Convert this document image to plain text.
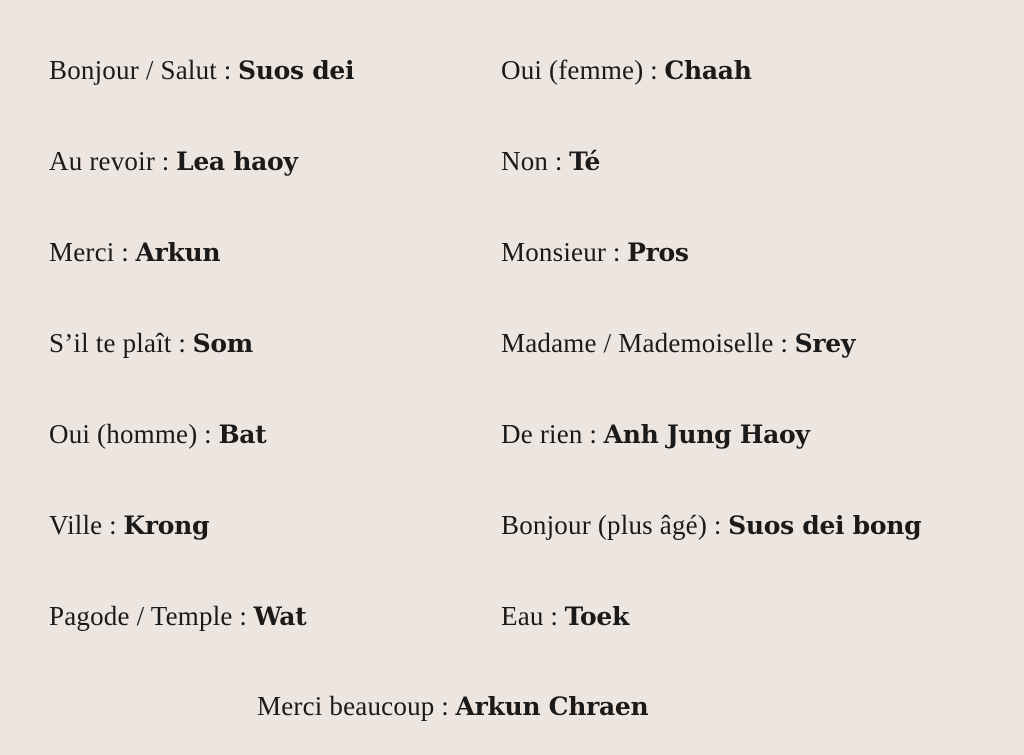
Bonjour / Salut : Suos dei	Oui (femme) : Chaah
Au revoir : Lea haoy	Non : Té
Merci : Arkun	Monsieur : Pros
S’il te plaît : Som	Madame / Mademoiselle : Srey
Oui (homme) : Bat	De rien : Anh Jung Haoy
Ville : Krong	Bonjour (plus âgé) : Suos dei bong
Pagode / Temple : Wat	Eau : Toek
Merci beaucoup : Arkun Chraen
